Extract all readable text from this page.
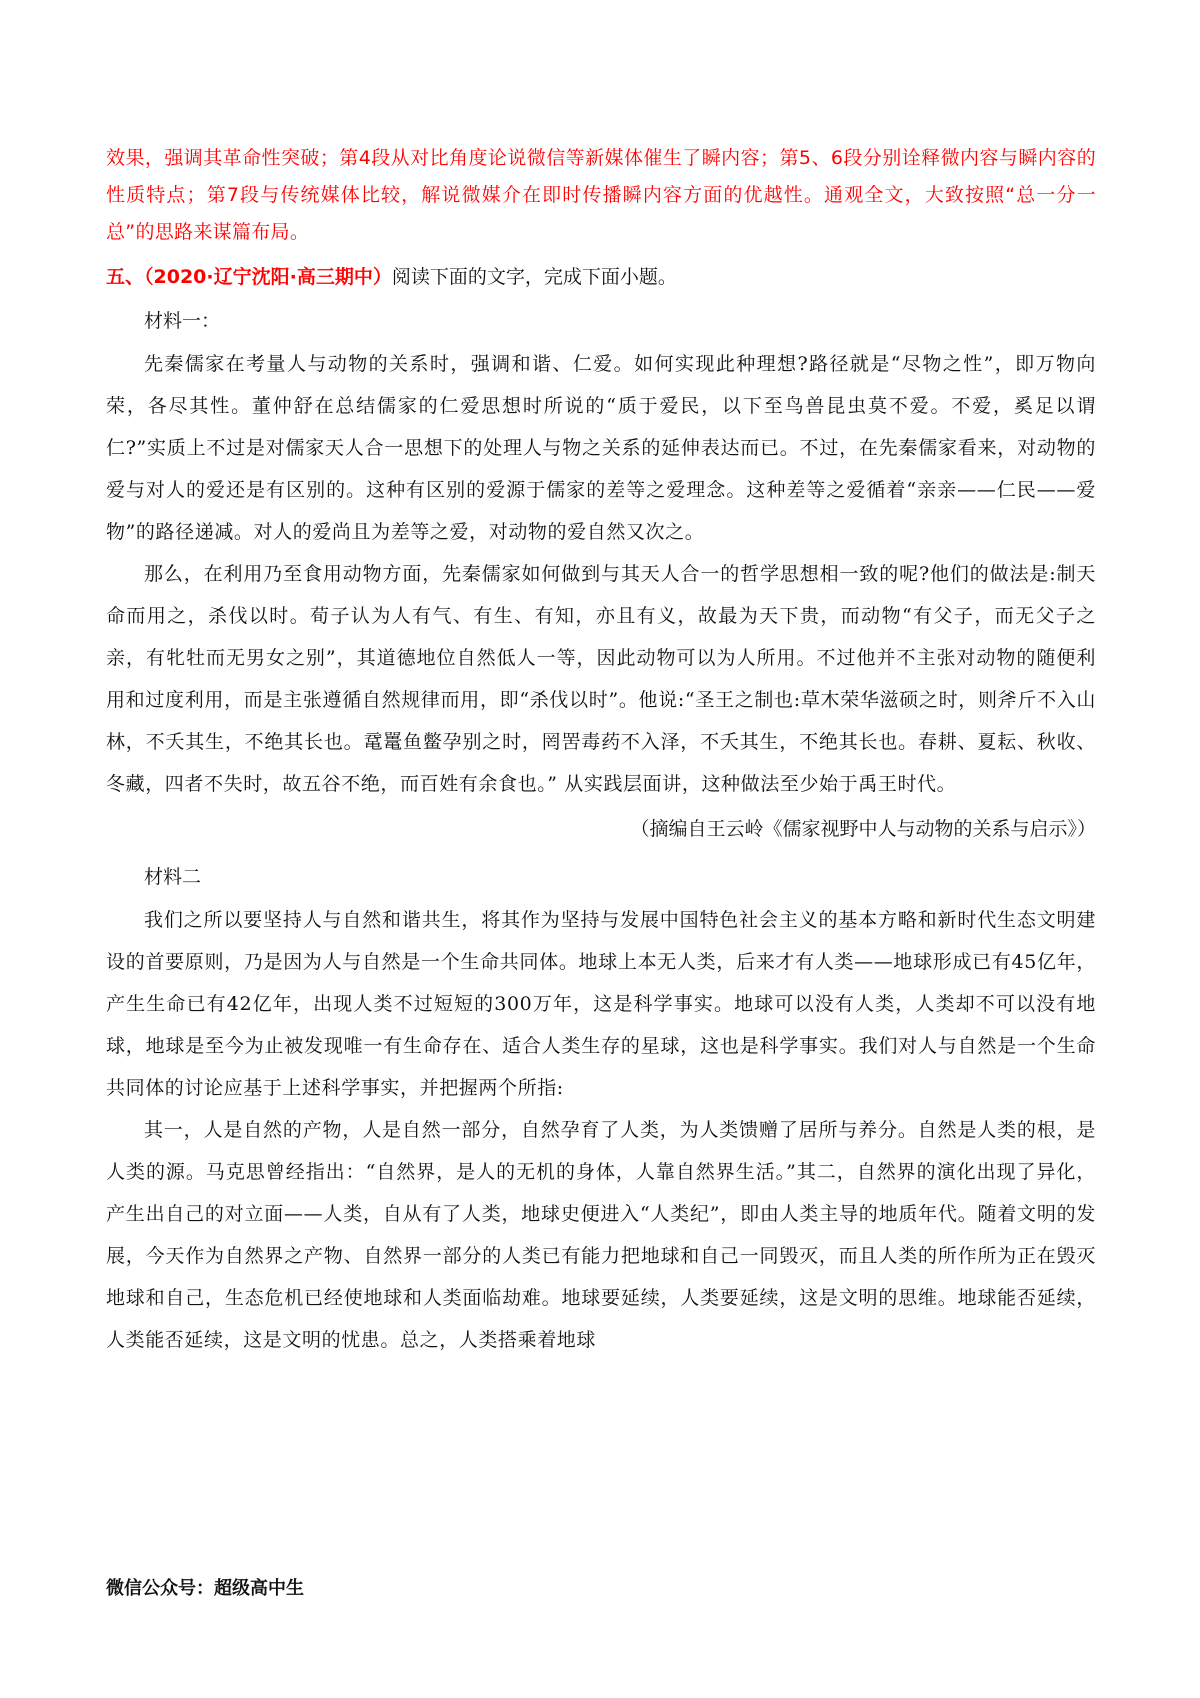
效果，强调其革命性突破；第4段从对比角度论说微信等新媒体催生了瞬内容；第5、6段分别诠释微内容与瞬内容的性质特点；第7段与传统媒体比较，解说微媒介在即时传播瞬内容方面的优越性。通观全文，大致按照“总一分一总”的思路来谋篇布局。

五、（2020·辽宁沈阳·高三期中）阅读下面的文字，完成下面小题。

材料一：

先秦儒家在考量人与动物的关系时，强调和谐、仁爱。如何实现此种理想?路径就是“尽物之性”，即万物向荣，各尽其性。董仲舒在总结儒家的仁爱思想时所说的“质于爱民，以下至鸟兽昆虫莫不爱。不爱，奚足以谓仁?”实质上不过是对儒家天人合一思想下的处理人与物之关系的延伸表达而已。不过，在先秦儒家看来，对动物的爱与对人的爱还是有区别的。这种有区别的爱源于儒家的差等之爱理念。这种差等之爱循着“亲亲——仁民——爱物”的路径递减。对人的爱尚且为差等之爱，对动物的爱自然又次之。

那么，在利用乃至食用动物方面，先秦儒家如何做到与其天人合一的哲学思想相一致的呢?他们的做法是:制天命而用之，杀伐以时。荀子认为人有气、有生、有知，亦且有义，故最为天下贵，而动物“有父子，而无父子之亲，有牝牡而无男女之别”，其道德地位自然低人一等，因此动物可以为人所用。不过他并不主张对动物的随便利用和过度利用，而是主张遵循自然规律而用，即“杀伐以时”。他说:“圣王之制也:草木荣华滋硕之时，则斧斤不入山林，不夭其生，不绝其长也。鼋鼍鱼鳖孕别之时，罔罟毒药不入泽，不夭其生，不绝其长也。春耕、夏耘、秋收、冬藏，四者不失时，故五谷不绝，而百姓有余食也。” 从实践层面讲，这种做法至少始于禹王时代。

（摘编自王云岭《儒家视野中人与动物的关系与启示》）

材料二

我们之所以要坚持人与自然和谐共生，将其作为坚持与发展中国特色社会主义的基本方略和新时代生态文明建设的首要原则，乃是因为人与自然是一个生命共同体。地球上本无人类，后来才有人类——地球形成已有45亿年，产生生命已有42亿年，出现人类不过短短的300万年，这是科学事实。地球可以没有人类，人类却不可以没有地球，地球是至今为止被发现唯一有生命存在、适合人类生存的星球，这也是科学事实。我们对人与自然是一个生命共同体的讨论应基于上述科学事实，并把握两个所指:

其一，人是自然的产物，人是自然一部分，自然孕育了人类，为人类馈赠了居所与养分。自然是人类的根，是人类的源。马克思曾经指出：“自然界，是人的无机的身体，人靠自然界生活。”其二，自然界的演化出现了异化，产生出自己的对立面——人类，自从有了人类，地球史便进入“人类纪”，即由人类主导的地质年代。随着文明的发展，今天作为自然界之产物、自然界一部分的人类已有能力把地球和自己一同毁灭，而且人类的所作所为正在毁灭地球和自己，生态危机已经使地球和人类面临劫难。地球要延续，人类要延续，这是文明的思维。地球能否延续，人类能否延续，这是文明的忧患。总之，人类搭乘着地球

微信公众号：超级高中生
